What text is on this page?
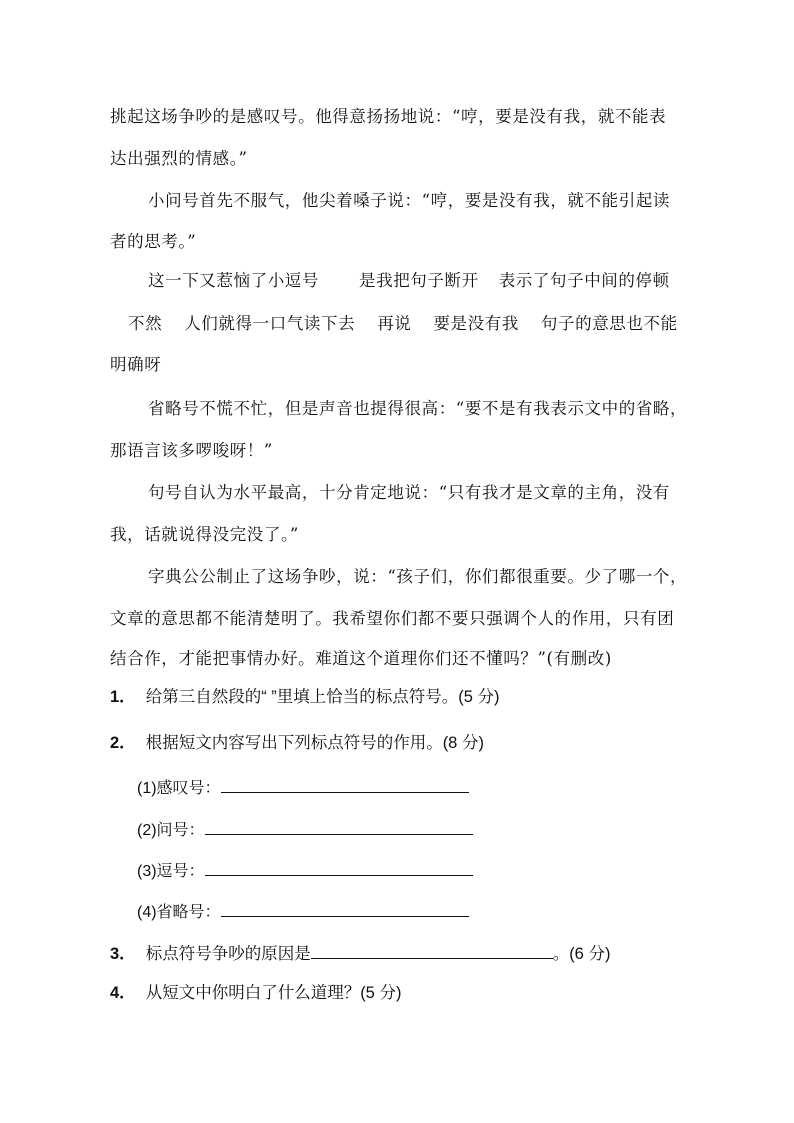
挑起这场争吵的是感叹号。他得意扬扬地说：“哼，要是没有我，就不能表
达出强烈的情感。”
小问号首先不服气，他尖着嗓子说：“哼，要是没有我，就不能引起读
者的思考。”
这一下又惹恼了小逗号 是我把句子断开 表示了句子中间的停顿
不然 人们就得一口气读下去 再说 要是没有我 句子的意思也不能
明确呀
省略号不慌不忙，但是声音也提得很高：“要不是有我表示文中的省略，
那语言该多啰唆呀！”
句号自认为水平最高，十分肯定地说：“只有我才是文章的主角，没有
我，话就说得没完没了。”
字典公公制止了这场争吵，说：“孩子们，你们都很重要。少了哪一个，
文章的意思都不能清楚明了。我希望你们都不要只强调个人的作用，只有团
结合作，才能把事情办好。难道这个道理你们还不懂吗？”(有删改)
1． 给第三自然段的“ ”里填上恰当的标点符号。(5 分)
2． 根据短文内容写出下列标点符号的作用。(8 分)
(1)感叹号：
(2)问号：
(3)逗号：
(4)省略号：
3． 标点符号争吵的原因是	。(6 分)
4． 从短文中你明白了什么道理？(5 分)
